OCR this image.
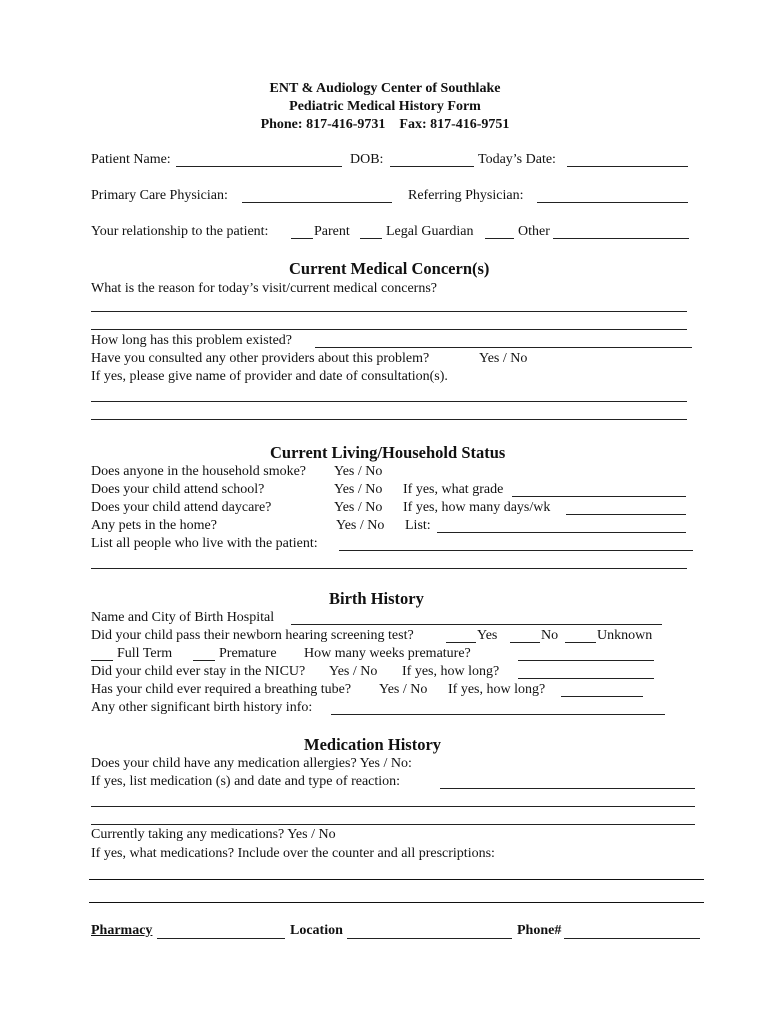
ENT & Audiology Center of Southlake
Pediatric Medical History Form
Phone: 817-416-9731    Fax: 817-416-9751
Patient Name:	DOB:	Today’s Date:
Primary Care Physician:	Referring Physician:
Your relationship to the patient:	Parent	Legal Guardian	Other
Current Medical Concern(s)
What is the reason for today’s visit/current medical concerns?
How long has this problem existed?
Have you consulted any other providers about this problem?	Yes / No
If yes, please give name of provider and date of consultation(s).
Current Living/Household Status
Does anyone in the household smoke? Yes / No
Does your child attend school?	Yes / No If yes, what grade
Does your child attend daycare?	Yes / No If yes, how many days/wk
Any pets in the home?	Yes / No List:
List all people who live with the patient:
Birth History
Name and City of Birth Hospital
Did your child pass their newborn hearing screening test?	Yes	No	Unknown
Full Term	Premature How many weeks premature?
Did your child ever stay in the NICU? Yes / No If yes, how long?
Has your child ever required a breathing tube? Yes / No If yes, how long?
Any other significant birth history info:
Medication History
Does your child have any medication allergies? Yes / No:
If yes, list medication (s) and date and type of reaction:
Currently taking any medications? Yes / No
If yes, what medications? Include over the counter and all prescriptions:
Pharmacy	Location	Phone#
